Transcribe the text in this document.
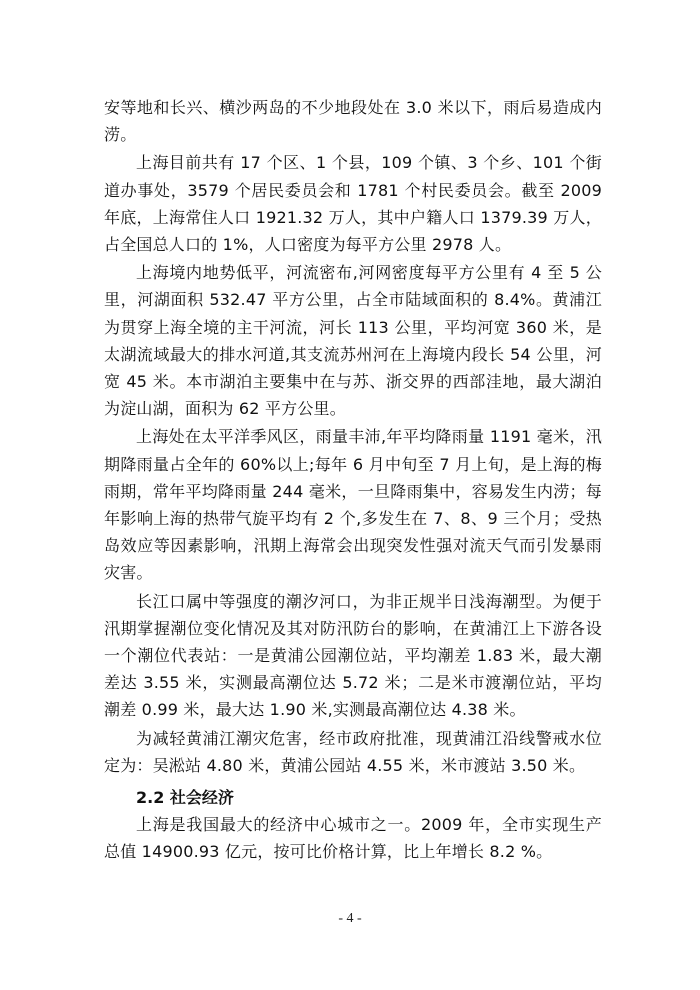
安等地和长兴、横沙两岛的不少地段处在 3.0 米以下，雨后易造成内涝。

上海目前共有 17 个区、1 个县，109 个镇、3 个乡、101 个街道办事处，3579 个居民委员会和 1781 个村民委员会。截至 2009 年底，上海常住人口 1921.32 万人，其中户籍人口 1379.39 万人，占全国总人口的 1%，人口密度为每平方公里 2978 人。

上海境内地势低平，河流密布,河网密度每平方公里有 4 至 5 公里，河湖面积 532.47 平方公里，占全市陆域面积的 8.4%。黄浦江为贯穿上海全境的主干河流，河长 113 公里，平均河宽 360 米，是太湖流域最大的排水河道,其支流苏州河在上海境内段长 54 公里，河宽 45 米。本市湖泊主要集中在与苏、浙交界的西部洼地，最大湖泊为淀山湖，面积为 62 平方公里。

上海处在太平洋季风区，雨量丰沛,年平均降雨量 1191 毫米，汛期降雨量占全年的 60%以上;每年 6 月中旬至 7 月上旬，是上海的梅雨期，常年平均降雨量 244 毫米，一旦降雨集中，容易发生内涝；每年影响上海的热带气旋平均有 2 个,多发生在 7、8、9 三个月；受热岛效应等因素影响，汛期上海常会出现突发性强对流天气而引发暴雨灾害。

长江口属中等强度的潮汐河口，为非正规半日浅海潮型。为便于汛期掌握潮位变化情况及其对防汛防台的影响，在黄浦江上下游各设一个潮位代表站：一是黄浦公园潮位站，平均潮差 1.83 米，最大潮差达 3.55 米，实测最高潮位达 5.72 米；二是米市渡潮位站，平均潮差 0.99 米，最大达 1.90 米,实测最高潮位达 4.38 米。

为减轻黄浦江潮灾危害，经市政府批准，现黄浦江沿线警戒水位定为：吴淞站 4.80 米，黄浦公园站 4.55 米，米市渡站 3.50 米。

2.2 社会经济

上海是我国最大的经济中心城市之一。2009 年，全市实现生产总值 14900.93 亿元，按可比价格计算，比上年增长 8.2 %。

- 4 -
